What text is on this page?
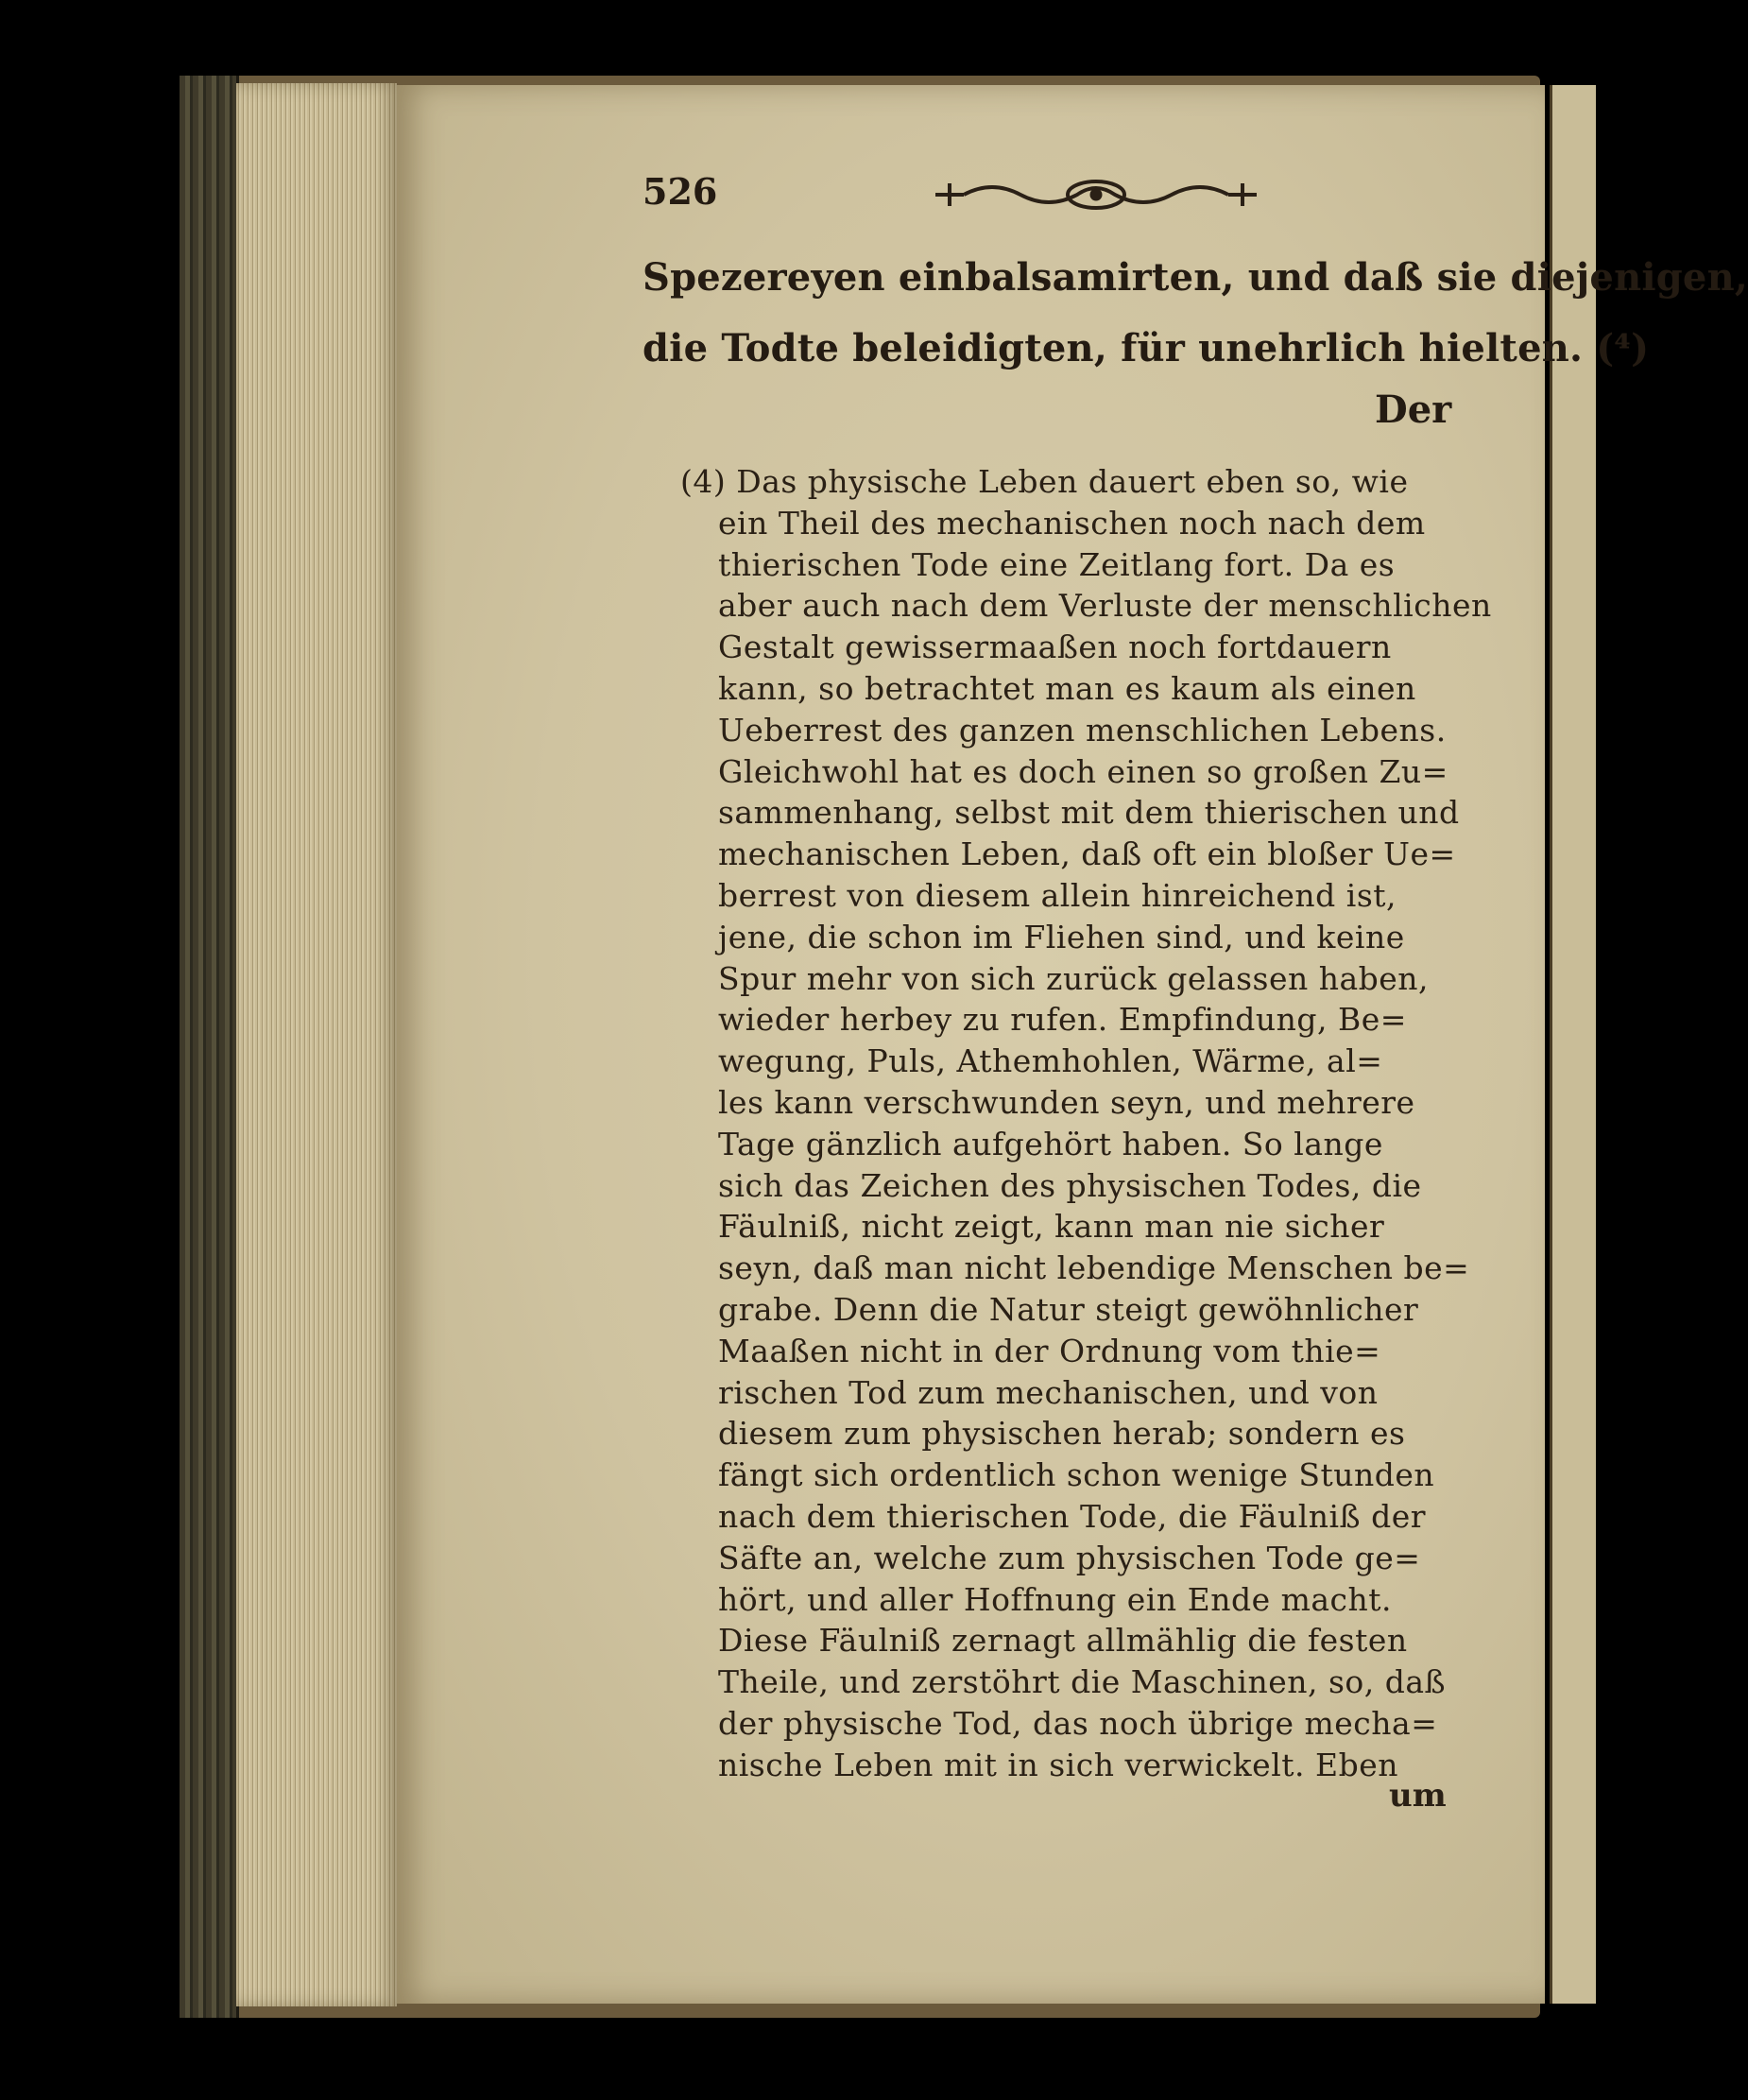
526
Spezereyen einbalsamirten, und daß sie diejenigen,
die Todte beleidigten, für unehrlich hielten. (⁴)
Der
um
(4) Das physische Leben dauert eben so, wie
ein Theil des mechanischen noch nach dem
thierischen Tode eine Zeitlang fort. Da es
aber auch nach dem Verluste der menschlichen
Gestalt gewissermaaßen noch fortdauern
kann, so betrachtet man es kaum als einen
Ueberrest des ganzen menschlichen Lebens.
Gleichwohl hat es doch einen so großen Zu=
sammenhang, selbst mit dem thierischen und
mechanischen Leben, daß oft ein bloßer Ue=
berrest von diesem allein hinreichend ist,
jene, die schon im Fliehen sind, und keine
Spur mehr von sich zurück gelassen haben,
wieder herbey zu rufen. Empfindung, Be=
wegung, Puls, Athemhohlen, Wärme, al=
les kann verschwunden seyn, und mehrere
Tage gänzlich aufgehört haben. So lange
sich das Zeichen des physischen Todes, die
Fäulniß, nicht zeigt, kann man nie sicher
seyn, daß man nicht lebendige Menschen be=
grabe. Denn die Natur steigt gewöhnlicher
Maaßen nicht in der Ordnung vom thie=
rischen Tod zum mechanischen, und von
diesem zum physischen herab; sondern es
fängt sich ordentlich schon wenige Stunden
nach dem thierischen Tode, die Fäulniß der
Säfte an, welche zum physischen Tode ge=
hört, und aller Hoffnung ein Ende macht.
Diese Fäulniß zernagt allmählig die festen
Theile, und zerstöhrt die Maschinen, so, daß
der physische Tod, das noch übrige mecha=
nische Leben mit in sich verwickelt. Eben
